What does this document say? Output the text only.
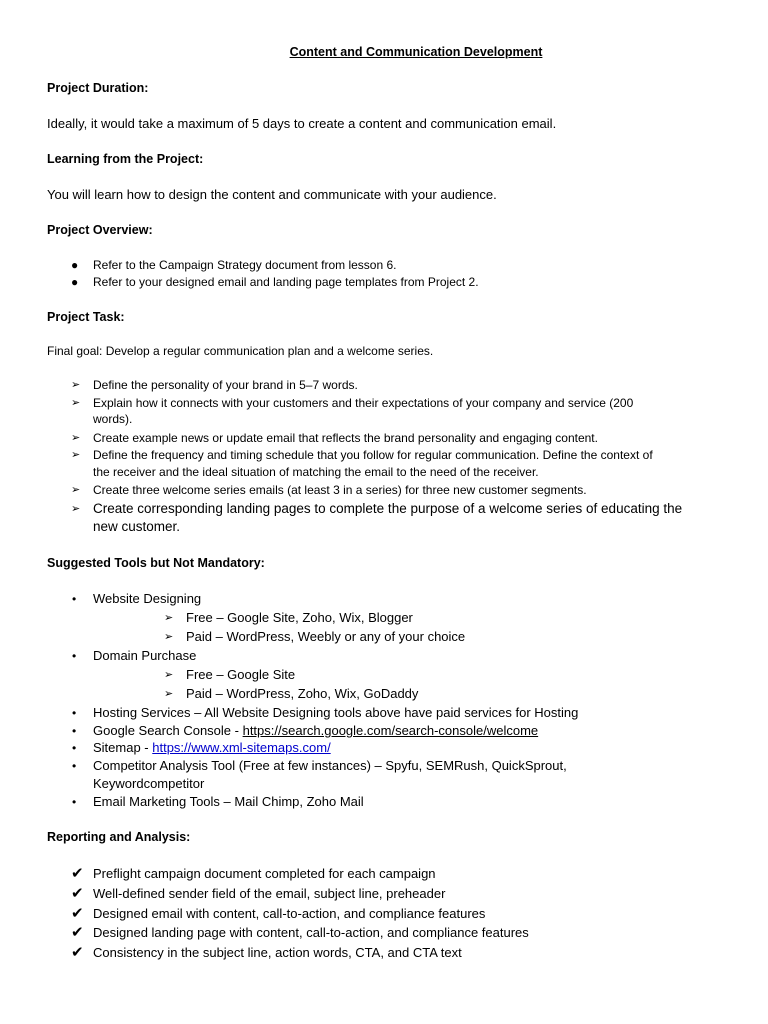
Content and Communication Development
Project Duration:
Ideally, it would take a maximum of 5 days to create a content and communication email.
Learning from the Project:
You will learn how to design the content and communicate with your audience.
Project Overview:
● Refer to the Campaign Strategy document from lesson 6.
● Refer to your designed email and landing page templates from Project 2.
Project Task:
Final goal: Develop a regular communication plan and a welcome series.
➢ Define the personality of your brand in 5–7 words.
➢ Explain how it connects with your customers and their expectations of your company and service (200
words).
➢ Create example news or update email that reflects the brand personality and engaging content.
➢ Define the frequency and timing schedule that you follow for regular communication. Define the context of
the receiver and the ideal situation of matching the email to the need of the receiver.
➢ Create three welcome series emails (at least 3 in a series) for three new customer segments.
➢ Create corresponding landing pages to complete the purpose of a welcome series of educating the
new customer.
Suggested Tools but Not Mandatory:
• Website Designing
➢ Free – Google Site, Zoho, Wix, Blogger
➢ Paid – WordPress, Weebly or any of your choice
• Domain Purchase
➢ Free – Google Site
➢ Paid – WordPress, Zoho, Wix, GoDaddy
• Hosting Services – All Website Designing tools above have paid services for Hosting
• Google Search Console - https://search.google.com/search-console/welcome
• Sitemap - https://www.xml-sitemaps.com/
• Competitor Analysis Tool (Free at few instances) – Spyfu, SEMRush, QuickSprout,
Keywordcompetitor
• Email Marketing Tools – Mail Chimp, Zoho Mail
Reporting and Analysis:
✔ Preflight campaign document completed for each campaign
✔ Well-defined sender field of the email, subject line, preheader
✔ Designed email with content, call-to-action, and compliance features
✔ Designed landing page with content, call-to-action, and compliance features
✔ Consistency in the subject line, action words, CTA, and CTA text
